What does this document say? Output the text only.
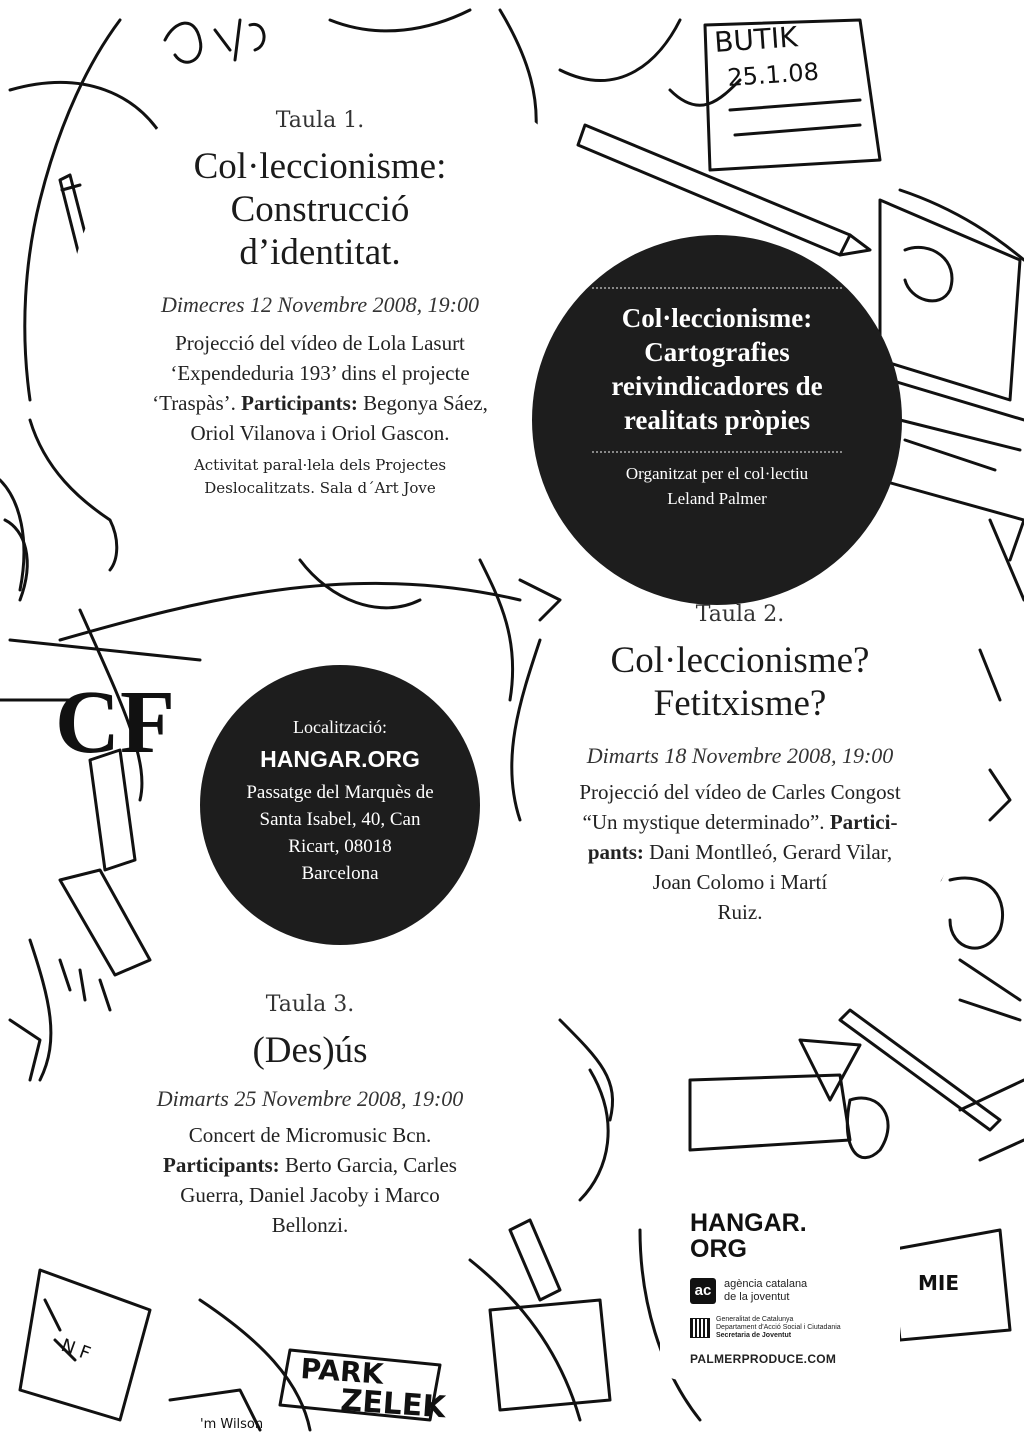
BUTIK
25.1.08
MIE
PARK
ZELEK
'm Wilson
N F
CF
Taula 1.
Col·leccionisme:
Construcció
d’identitat.
Dimecres 12 Novembre 2008, 19:00
Projecció del vídeo de Lola Lasurt
‘Expendeduria 193’ dins el projecte
‘Traspàs’. Participants: Begonya Sáez,
Oriol Vilanova i Oriol Gascon.
Activitat paral·lela dels Projectes
Deslocalitzats. Sala d´Art Jove
Col·leccionisme:
Cartografies
reivindicadores de
realitats pròpies
Organitzat per el col·lectiu
Leland Palmer
Localització:
HANGAR.ORG
Passatge del Marquès de
Santa Isabel, 40, Can
Ricart, 08018
Barcelona
Taula 2.
Col·leccionisme?
Fetitxisme?
Dimarts 18 Novembre 2008, 19:00
Projecció del vídeo de Carles Congost
“Un mystique determinado”. Partici-
pants: Dani Montlleó, Gerard Vilar,
Joan Colomo i Martí
Ruiz.
Taula 3.
(Des)ús
Dimarts 25 Novembre 2008, 19:00
Concert de Micromusic Bcn.
Participants: Berto Garcia, Carles
Guerra, Daniel Jacoby i Marco
Bellonzi.	HANGAR.
ORG
ac	agència catalana
de la joventut
Generalitat de Catalunya
Departament d'Acció Social i Ciutadania
Secretaria de Joventut
PALMERPRODUCE.COM
